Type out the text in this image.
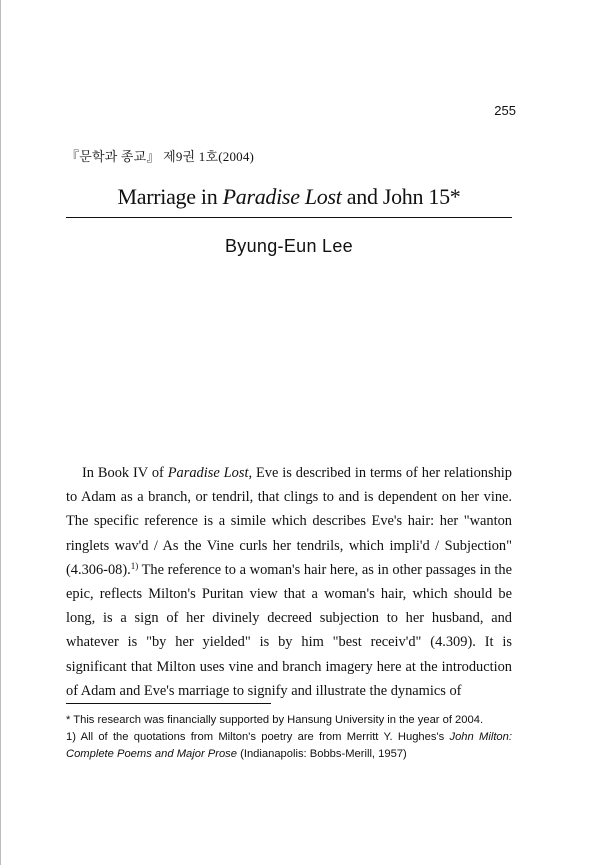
255
『문학과 종교』 제9권 1호(2004)
Marriage in Paradise Lost and John 15*
Byung-Eun Lee

In Book IV of Paradise Lost, Eve is described in terms of her relationship to Adam as a branch, or tendril, that clings to and is dependent on her vine. The specific reference is a simile which describes Eve's hair: her "wanton ringlets wav'd / As the Vine curls her tendrils, which impli'd / Subjection" (4.306-08).$^{1)}$ The reference to a woman's hair here, as in other passages in the epic, reflects Milton's Puritan view that a woman's hair, which should be long, is a sign of her divinely decreed subjection to her husband, and whatever is "by her yielded" is by him "best receiv'd" (4.309). It is significant that Milton uses vine and branch imagery here at the introduction of Adam and Eve's marriage to signify and illustrate the dynamics of

* This research was financially supported by Hansung University in the year of 2004.

1) All of the quotations from Milton's poetry are from Merritt Y. Hughes's John Milton: Complete Poems and Major Prose (Indianapolis: Bobbs-Merill, 1957)
